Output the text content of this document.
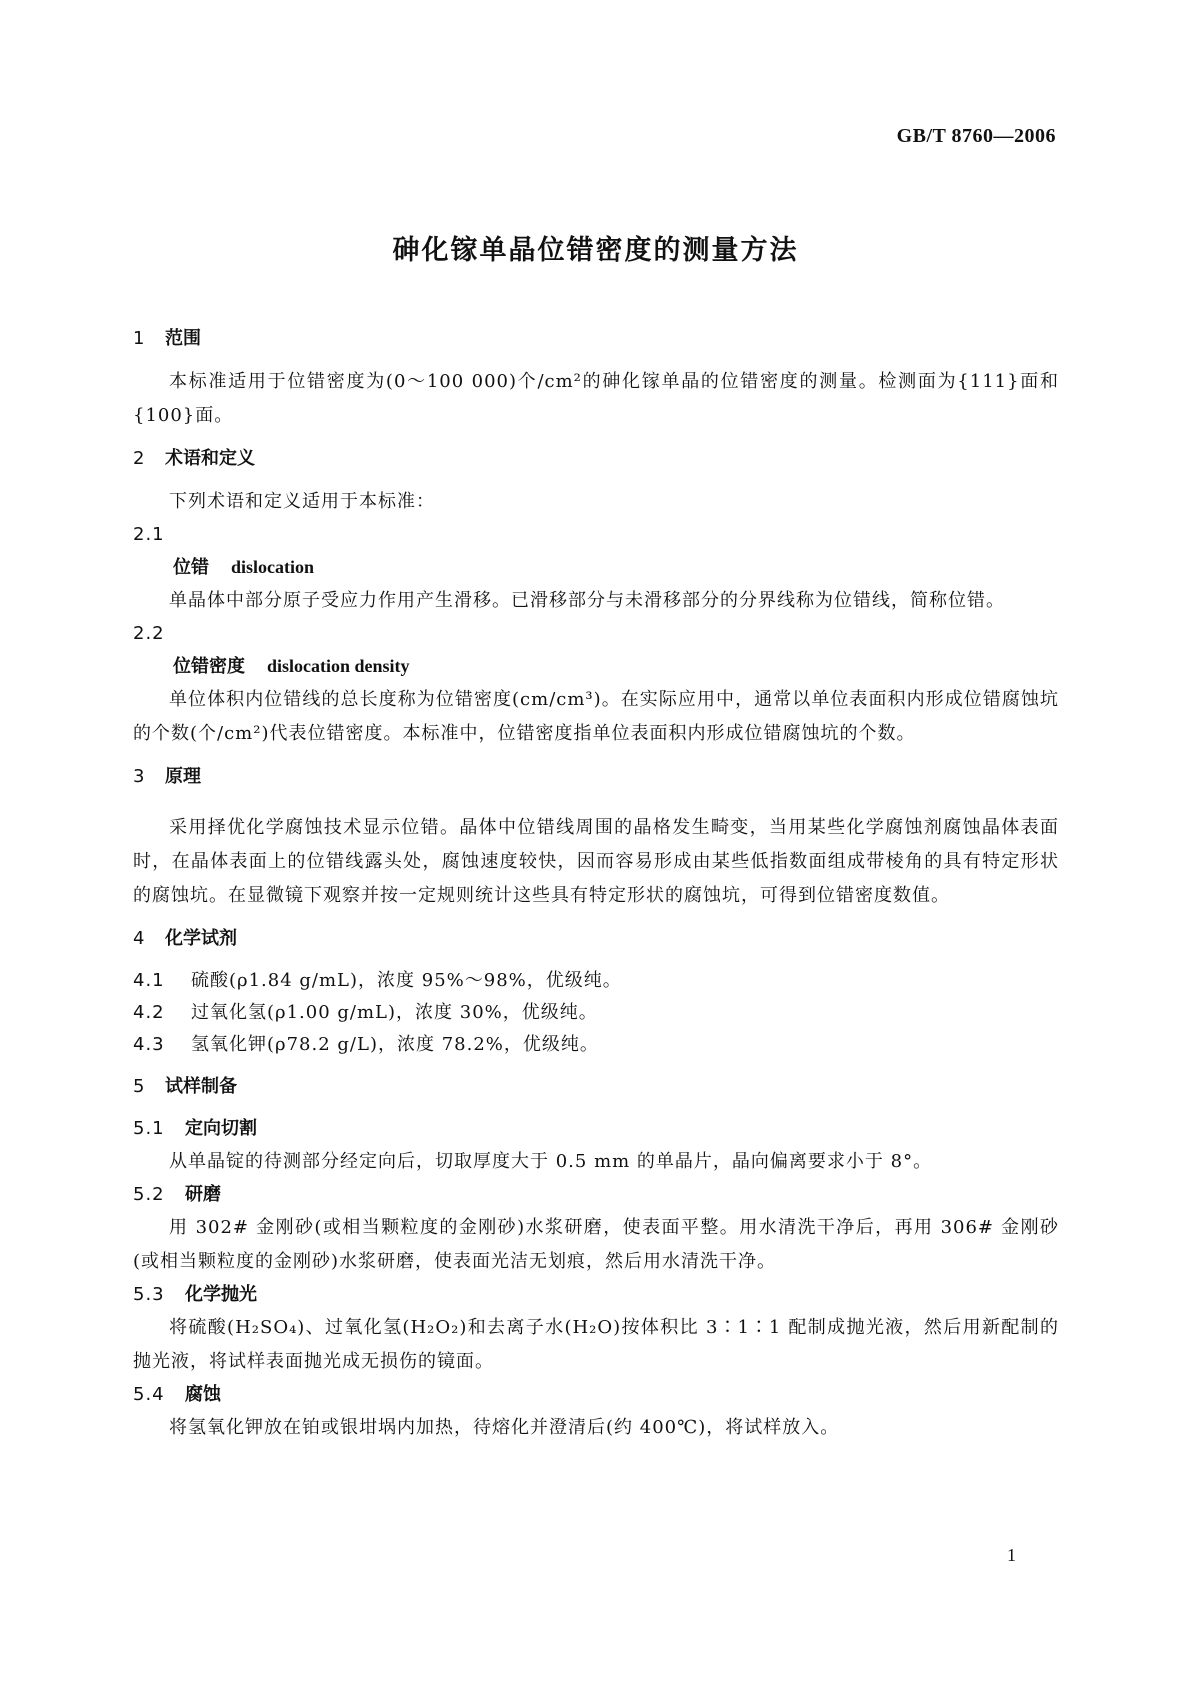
GB/T 8760—2006
砷化镓单晶位错密度的测量方法
1 范围
本标准适用于位错密度为(0～100 000)个/cm²的砷化镓单晶的位错密度的测量。检测面为{111}面和{100}面。
2 术语和定义
下列术语和定义适用于本标准：
2.1
位错 dislocation
单晶体中部分原子受应力作用产生滑移。已滑移部分与未滑移部分的分界线称为位错线，简称位错。
2.2
位错密度 dislocation density
单位体积内位错线的总长度称为位错密度(cm/cm³)。在实际应用中，通常以单位表面积内形成位错腐蚀坑的个数(个/cm²)代表位错密度。本标准中，位错密度指单位表面积内形成位错腐蚀坑的个数。
3 原理
采用择优化学腐蚀技术显示位错。晶体中位错线周围的晶格发生畸变，当用某些化学腐蚀剂腐蚀晶体表面时，在晶体表面上的位错线露头处，腐蚀速度较快，因而容易形成由某些低指数面组成带棱角的具有特定形状的腐蚀坑。在显微镜下观察并按一定规则统计这些具有特定形状的腐蚀坑，可得到位错密度数值。
4 化学试剂
4.1 硫酸(ρ1.84 g/mL)，浓度 95%～98%，优级纯。
4.2 过氧化氢(ρ1.00 g/mL)，浓度 30%，优级纯。
4.3 氢氧化钾(ρ78.2 g/L)，浓度 78.2%，优级纯。
5 试样制备
5.1 定向切割
从单晶锭的待测部分经定向后，切取厚度大于 0.5 mm 的单晶片，晶向偏离要求小于 8°。
5.2 研磨
用 302# 金刚砂(或相当颗粒度的金刚砂)水浆研磨，使表面平整。用水清洗干净后，再用 306# 金刚砂(或相当颗粒度的金刚砂)水浆研磨，使表面光洁无划痕，然后用水清洗干净。
5.3 化学抛光
将硫酸(H₂SO₄)、过氧化氢(H₂O₂)和去离子水(H₂O)按体积比 3∶1∶1 配制成抛光液，然后用新配制的抛光液，将试样表面抛光成无损伤的镜面。
5.4 腐蚀
将氢氧化钾放在铂或银坩埚内加热，待熔化并澄清后(约 400℃)，将试样放入。
1
